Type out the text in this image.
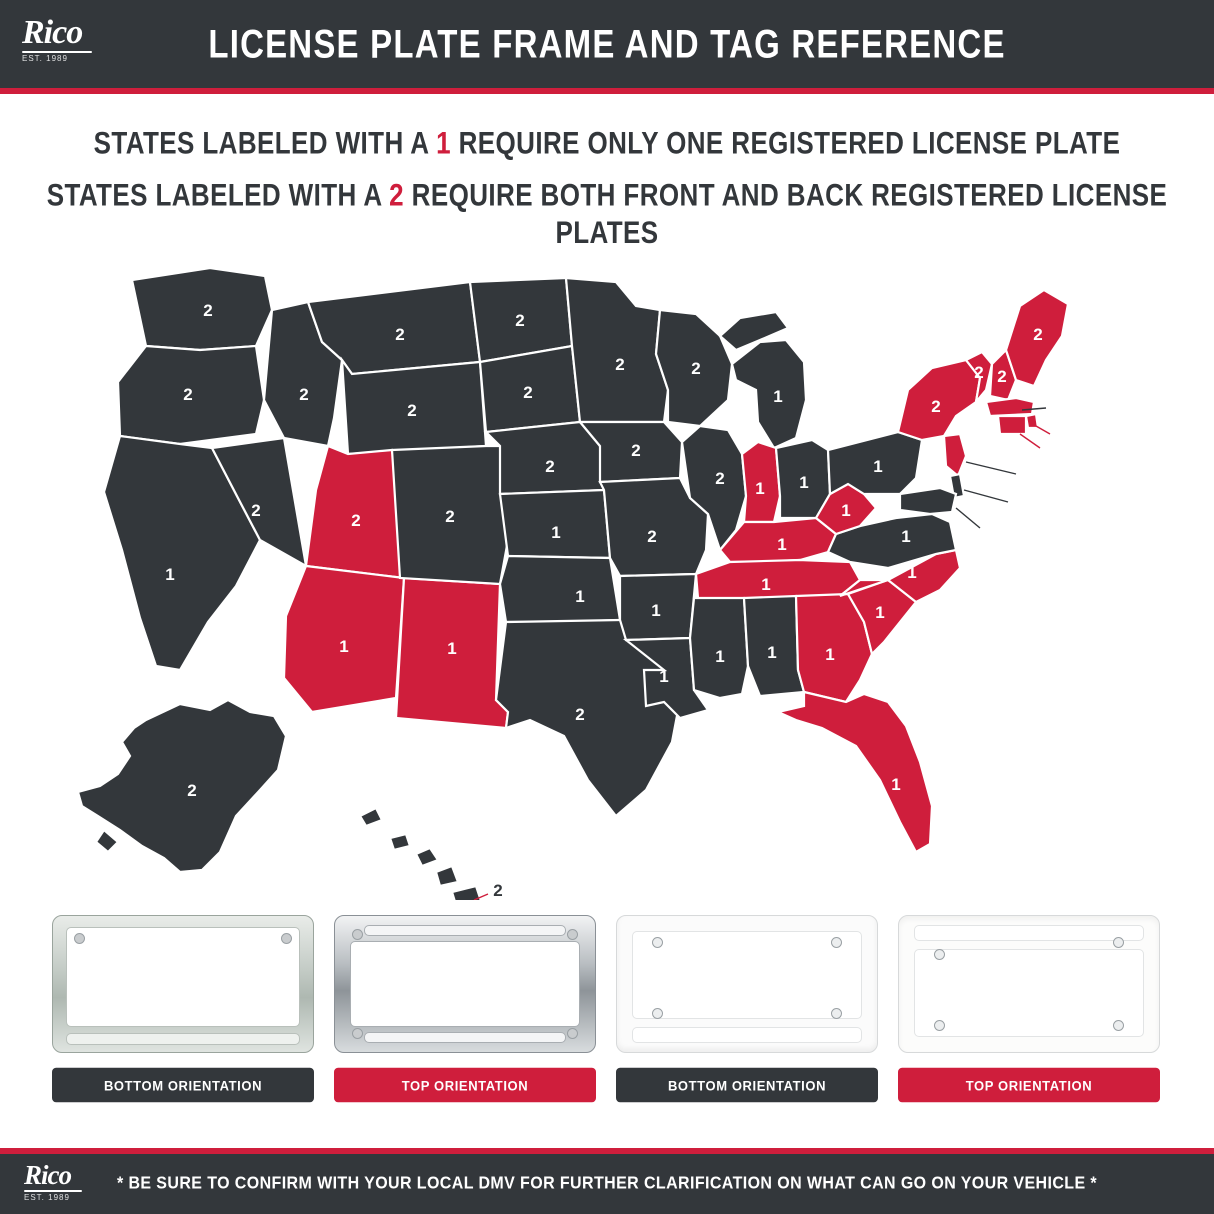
Rico
EST. 1989	LICENSE PLATE FRAME AND TAG REFERENCE
STATES LABELED WITH A 1 REQUIRE ONLY ONE REGISTERED LICENSE PLATE
STATES LABELED WITH A 2 REQUIRE BOTH FRONT AND BACK REGISTERED LICENSE PLATES
2
2
1
2
2
2
2
2
1	1
2
2
2
2
1
1
2
2
2
2
1
1
2
2
1
1 1
1
1
1	1	1
1
1
1
1
1
1
2
2 2
2
2
2
2
2
1
2
2
2
BOTTOM ORIENTATION	TOP ORIENTATION	BOTTOM ORIENTATION	TOP ORIENTATION
* BE SURE TO CONFIRM WITH YOUR LOCAL DMV FOR FURTHER CLARIFICATION ON WHAT CAN GO ON YOUR VEHICLE *
Rico
EST. 1989
